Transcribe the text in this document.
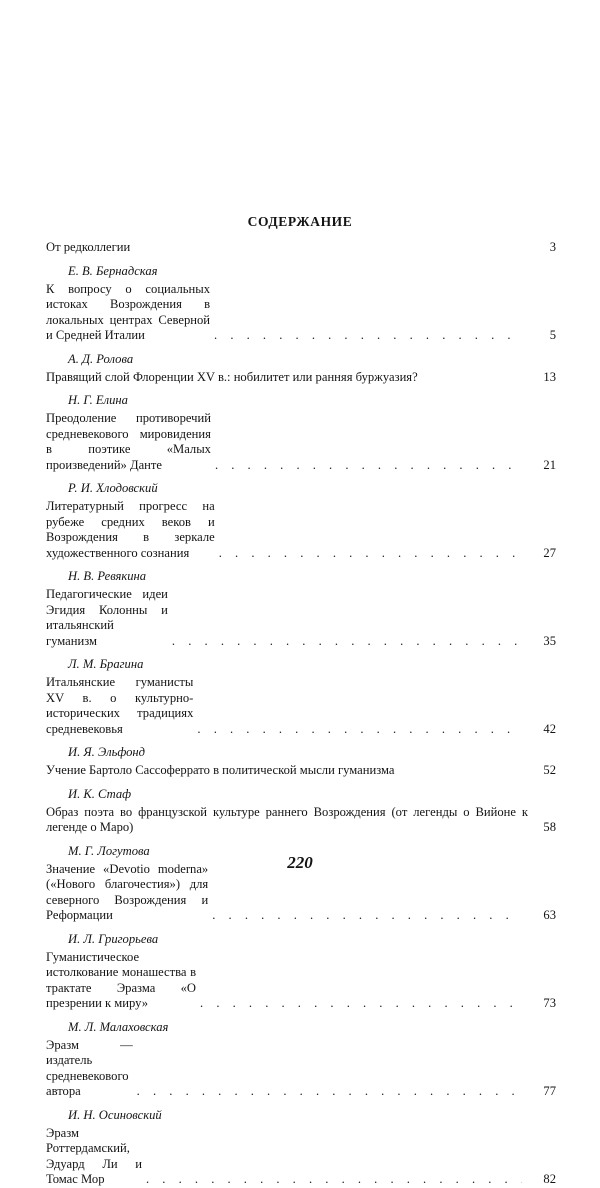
СОДЕРЖАНИЕ
От редколлегии	3
Е. В. Бернадская
К вопросу о социальных истоках Возрождения в локальных центрах Северной и Средней Италии . . .	5
А. Д. Ролова
Правящий слой Флоренции XV в.: нобилитет или ранняя буржуазия?	13
Н. Г. Елина
Преодоление противоречий средневекового мировидения в поэтике «Малых произведений» Данте . . .	21
Р. И. Хлодовский
Литературный прогресс на рубеже средних веков и Возрождения в зеркале художественного сознания . . .	27
Н. В. Ревякина
Педагогические идеи Эгидия Колонны и итальянский гуманизм . . .	35
Л. М. Брагина
Итальянские гуманисты XV в. о культурно-исторических традициях средневековья . . .	42
И. Я. Эльфонд
Учение Бартоло Сассоферрато в политической мысли гуманизма	52
И. К. Стаф
Образ поэта во французской культуре раннего Возрождения (от легенды о Вийоне к легенде о Маро)	58
М. Г. Логутова
Значение «Devotio moderna» («Нового благочестия») для северного Возрождения и Реформации . . .	63
И. Л. Григорьева
Гуманистическое истолкование монашества в трактате Эразма «О презрении к миру» . . .	73
М. Л. Малаховская
Эразм — издатель средневекового автора . . .	77
И. Н. Осиновский
Эразм Роттердамский, Эдуард Ли и Томас Мор . . .	82
220
